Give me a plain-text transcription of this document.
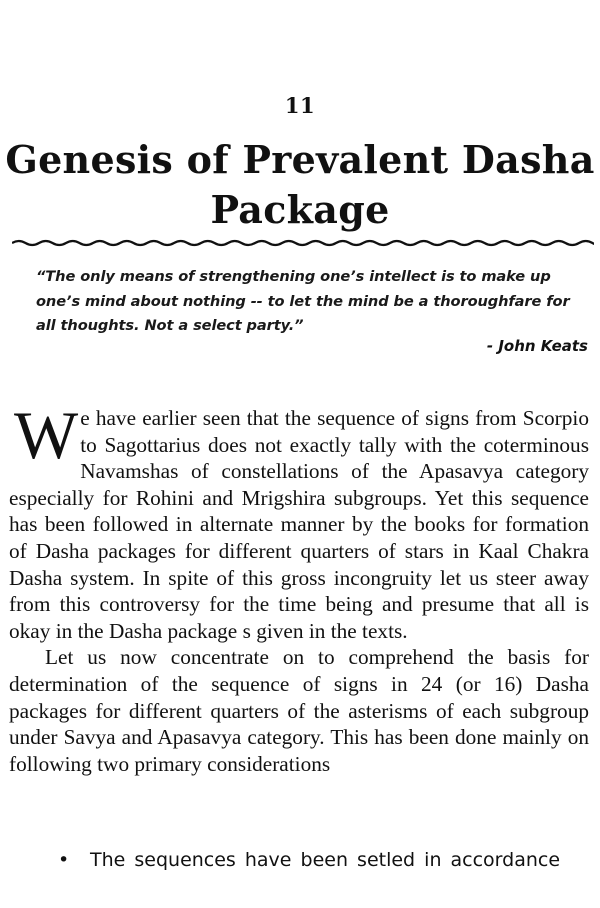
11
Genesis of Prevalent Dasha Package
“The only means of strengthening one’s intellect is to make up one’s mind about nothing -- to let the mind be a thoroughfare for all thoughts. Not a select party.”
- John Keats

We have earlier seen that the sequence of signs from Scorpio to Sagottarius does not exactly tally with the coterminous Navamshas of constellations of the Apasavya category especially for Rohini and Mrigshira subgroups. Yet this sequence has been followed in alternate manner by the books for formation of Dasha packages for different quarters of stars in Kaal Chakra Dasha system. In spite of this gross incongruity let us steer away from this controversy for the time being and presume that all is okay in the Dasha package s given in the texts.

Let us now concentrate on to comprehend the basis for determination of the sequence of signs in 24 (or 16) Dasha packages for different quarters of the asterisms of each subgroup under Savya and Apasavya category. This has been done mainly on following two primary considerations

•	The sequences have been setled in accordance
